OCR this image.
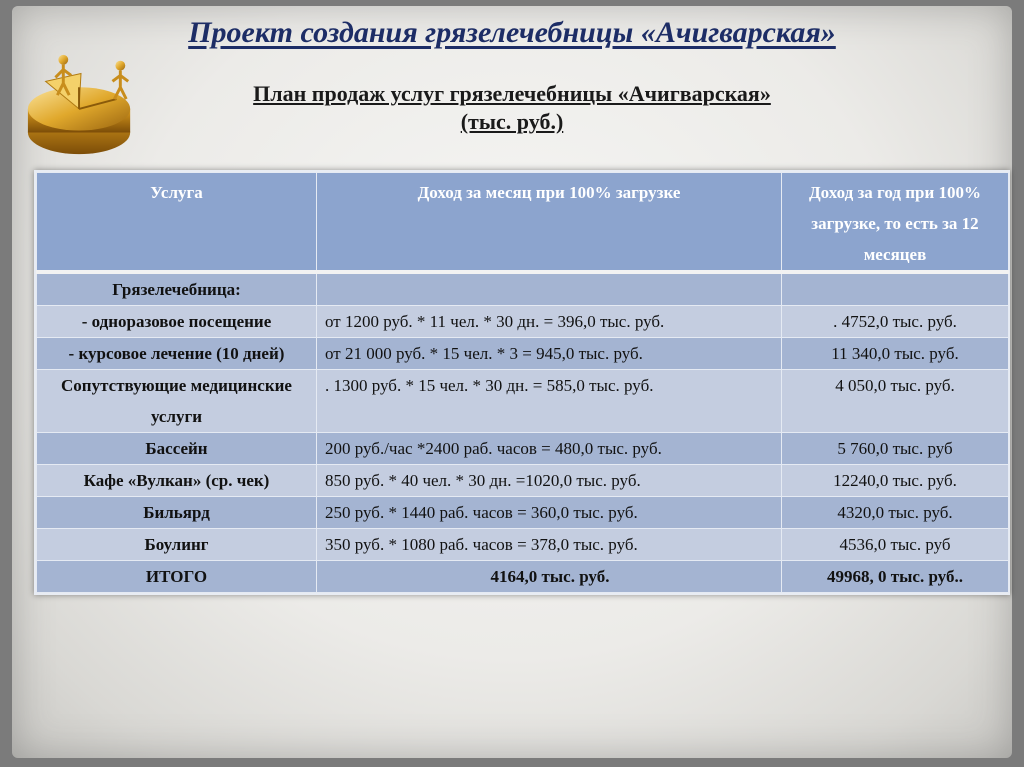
Проект создания грязелечебницы «Ачигварская»
План продаж услуг грязелечебницы «Ачигварская»
(тыс. руб.)
Услуга	Доход за месяц при 100% загрузке	Доход за год при 100% загрузке, то есть за 12 месяцев
Грязелечебница:		
- одноразовое посещение	от 1200 руб. * 11 чел. * 30 дн. = 396,0 тыс. руб.	. 4752,0 тыс. руб.
- курсовое лечение (10 дней)	от 21 000 руб. * 15 чел. * 3 = 945,0 тыс. руб.	11 340,0 тыс. руб.
Сопутствующие медицинские услуги	. 1300 руб. * 15 чел. * 30 дн. = 585,0 тыс. руб.	4 050,0 тыс. руб.
Бассейн	200 руб./час *2400 раб. часов = 480,0 тыс. руб.	5 760,0 тыс. руб
Кафе «Вулкан» (ср. чек)	850 руб. * 40 чел. * 30 дн. =1020,0 тыс. руб.	12240,0 тыс. руб.
Бильярд	250 руб. * 1440 раб. часов = 360,0 тыс. руб.	4320,0 тыс. руб.
Боулинг	350 руб. * 1080 раб. часов = 378,0 тыс. руб.	4536,0 тыс. руб
ИТОГО	4164,0 тыс. руб.	49968, 0 тыс. руб..
